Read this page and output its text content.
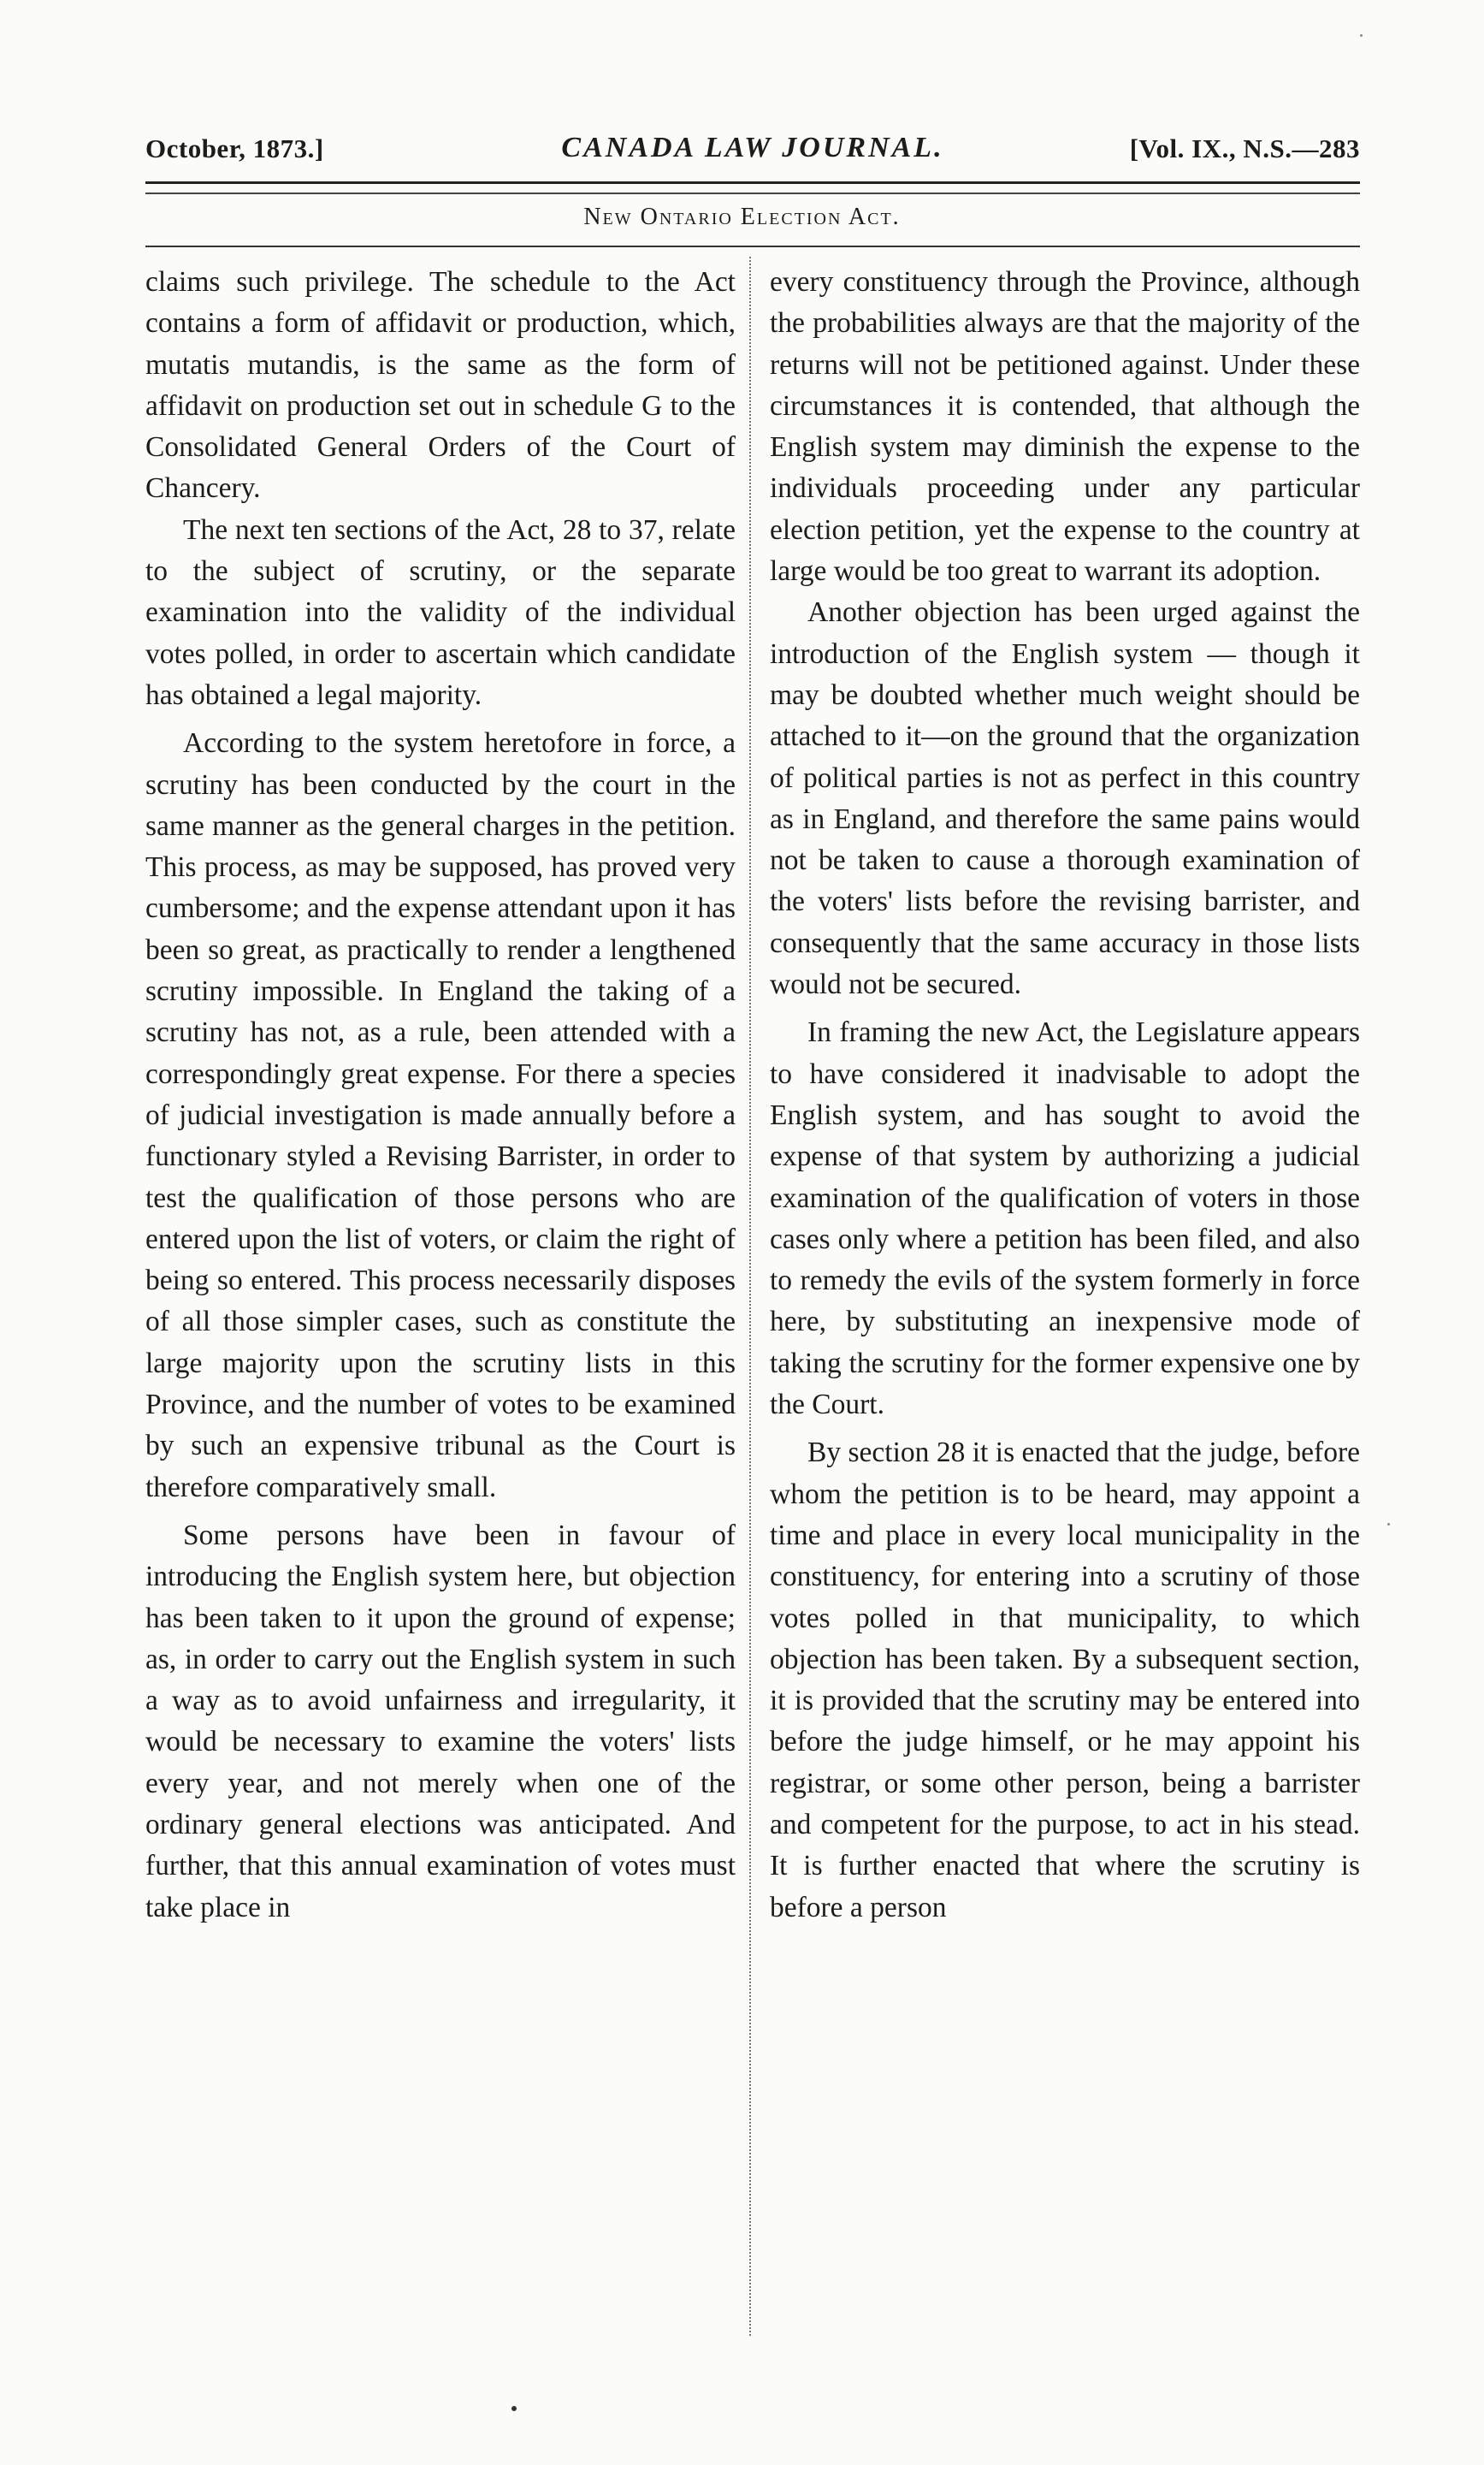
October, 1873.]	CANADA LAW JOURNAL.	[Vol. IX., N.S.—283
New Ontario Election Act.

claims such privilege. The schedule to the Act contains a form of affidavit or production, which, mutatis mutandis, is the same as the form of affidavit on production set out in schedule G to the Consolidated General Orders of the Court of Chancery.

The next ten sections of the Act, 28 to 37, relate to the subject of scrutiny, or the separate examination into the validity of the individual votes polled, in order to ascertain which candidate has obtained a legal majority.

According to the system heretofore in force, a scrutiny has been conducted by the court in the same manner as the general charges in the petition. This process, as may be supposed, has proved very cumbersome; and the expense attendant upon it has been so great, as practically to render a lengthened scrutiny impossible. In England the taking of a scrutiny has not, as a rule, been attended with a correspondingly great expense. For there a species of judicial investigation is made annually before a functionary styled a Revising Barrister, in order to test the qualification of those persons who are entered upon the list of voters, or claim the right of being so entered. This process necessarily disposes of all those simpler cases, such as constitute the large majority upon the scrutiny lists in this Province, and the number of votes to be examined by such an expensive tribunal as the Court is therefore comparatively small.

Some persons have been in favour of introducing the English system here, but objection has been taken to it upon the ground of expense; as, in order to carry out the English system in such a way as to avoid unfairness and irregularity, it would be necessary to examine the voters' lists every year, and not merely when one of the ordinary general elections was anticipated. And further, that this annual examination of votes must take place in

every constituency through the Province, although the probabilities always are that the majority of the returns will not be petitioned against. Under these circumstances it is contended, that although the English system may diminish the expense to the individuals proceeding under any particular election petition, yet the expense to the country at large would be too great to warrant its adoption.

Another objection has been urged against the introduction of the English system — though it may be doubted whether much weight should be attached to it—on the ground that the organization of political parties is not as perfect in this country as in England, and therefore the same pains would not be taken to cause a thorough examination of the voters' lists before the revising barrister, and consequently that the same accuracy in those lists would not be secured.

In framing the new Act, the Legislature appears to have considered it inadvisable to adopt the English system, and has sought to avoid the expense of that system by authorizing a judicial examination of the qualification of voters in those cases only where a petition has been filed, and also to remedy the evils of the system formerly in force here, by substituting an inexpensive mode of taking the scrutiny for the former expensive one by the Court.

By section 28 it is enacted that the judge, before whom the petition is to be heard, may appoint a time and place in every local municipality in the constituency, for entering into a scrutiny of those votes polled in that municipality, to which objection has been taken. By a subsequent section, it is provided that the scrutiny may be entered into before the judge himself, or he may appoint his registrar, or some other person, being a barrister and competent for the purpose, to act in his stead. It is further enacted that where the scrutiny is before a person
